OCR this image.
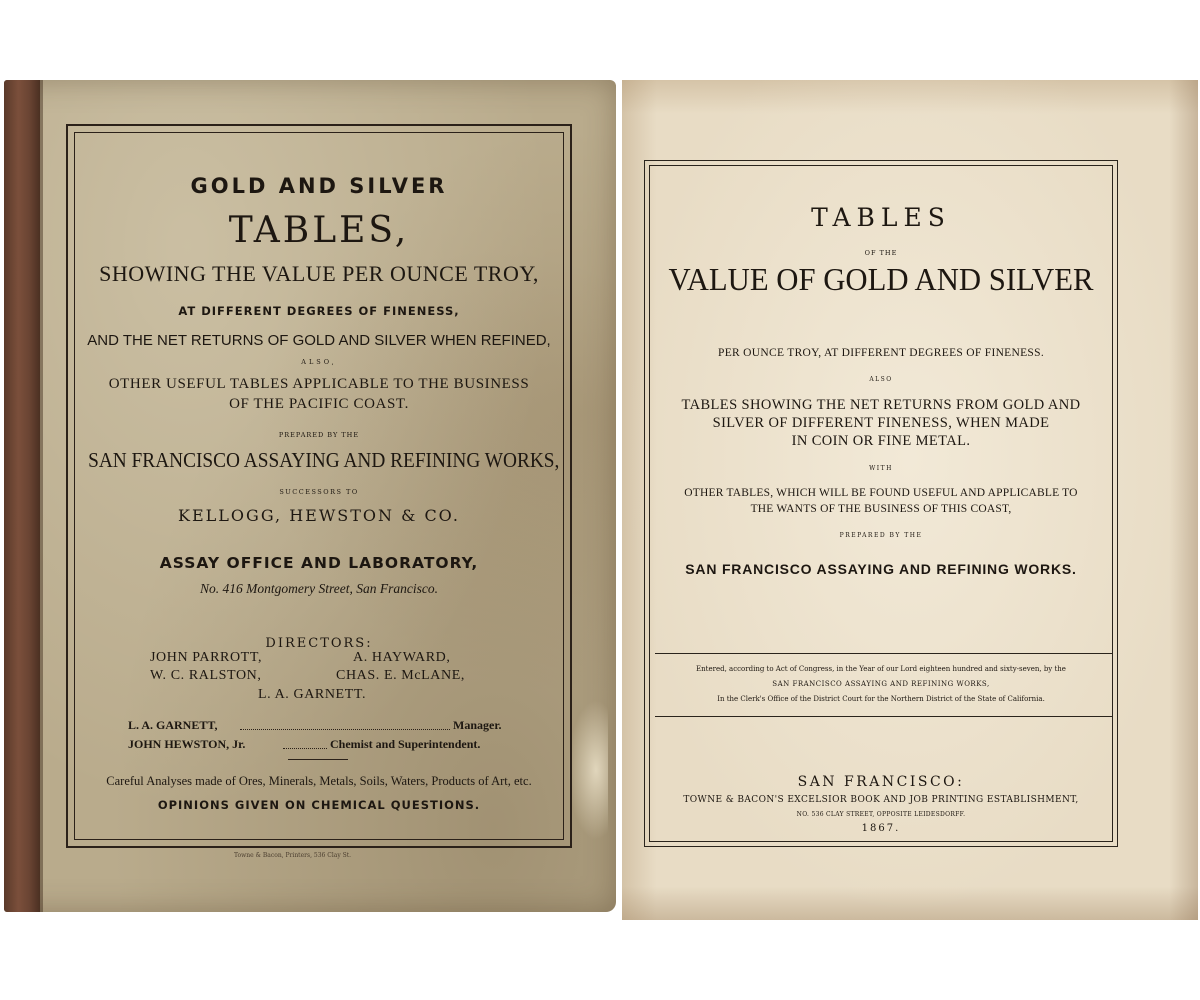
GOLD AND SILVER
TABLES,
SHOWING THE VALUE PER OUNCE TROY,
AT DIFFERENT DEGREES OF FINENESS,
AND THE NET RETURNS OF GOLD AND SILVER WHEN REFINED,
ALSO,
OTHER USEFUL TABLES APPLICABLE TO THE BUSINESS
OF THE PACIFIC COAST.
PREPARED BY THE
SAN FRANCISCO ASSAYING AND REFINING WORKS,
SUCCESSORS TO
KELLOGG, HEWSTON & CO.
ASSAY OFFICE AND LABORATORY,
No. 416 Montgomery Street, San Francisco.
DIRECTORS:
JOHN PARROTT,	A. HAYWARD,
W. C. RALSTON,	CHAS. E. McLANE,
L. A. GARNETT.
L. A. GARNETT,	Manager.
JOHN HEWSTON, Jr.	Chemist and Superintendent.
Careful Analyses made of Ores, Minerals, Metals, Soils, Waters, Products of Art, etc.
OPINIONS GIVEN ON CHEMICAL QUESTIONS.
Towne & Bacon, Printers, 536 Clay St.
TABLES
OF THE
VALUE OF GOLD AND SILVER
PER OUNCE TROY, AT DIFFERENT DEGREES OF FINENESS.
ALSO
TABLES SHOWING THE NET RETURNS FROM GOLD AND
SILVER OF DIFFERENT FINENESS, WHEN MADE
IN COIN OR FINE METAL.
WITH
OTHER TABLES, WHICH WILL BE FOUND USEFUL AND APPLICABLE TO
THE WANTS OF THE BUSINESS OF THIS COAST,
PREPARED BY THE
SAN FRANCISCO ASSAYING AND REFINING WORKS.
Entered, according to Act of Congress, in the Year of our Lord eighteen hundred and sixty-seven, by the
SAN FRANCISCO ASSAYING AND REFINING WORKS,
In the Clerk's Office of the District Court for the Northern District of the State of California.
SAN FRANCISCO:
TOWNE & BACON'S EXCELSIOR BOOK AND JOB PRINTING ESTABLISHMENT,
NO. 536 CLAY STREET, OPPOSITE LEIDESDORFF.
1867.
